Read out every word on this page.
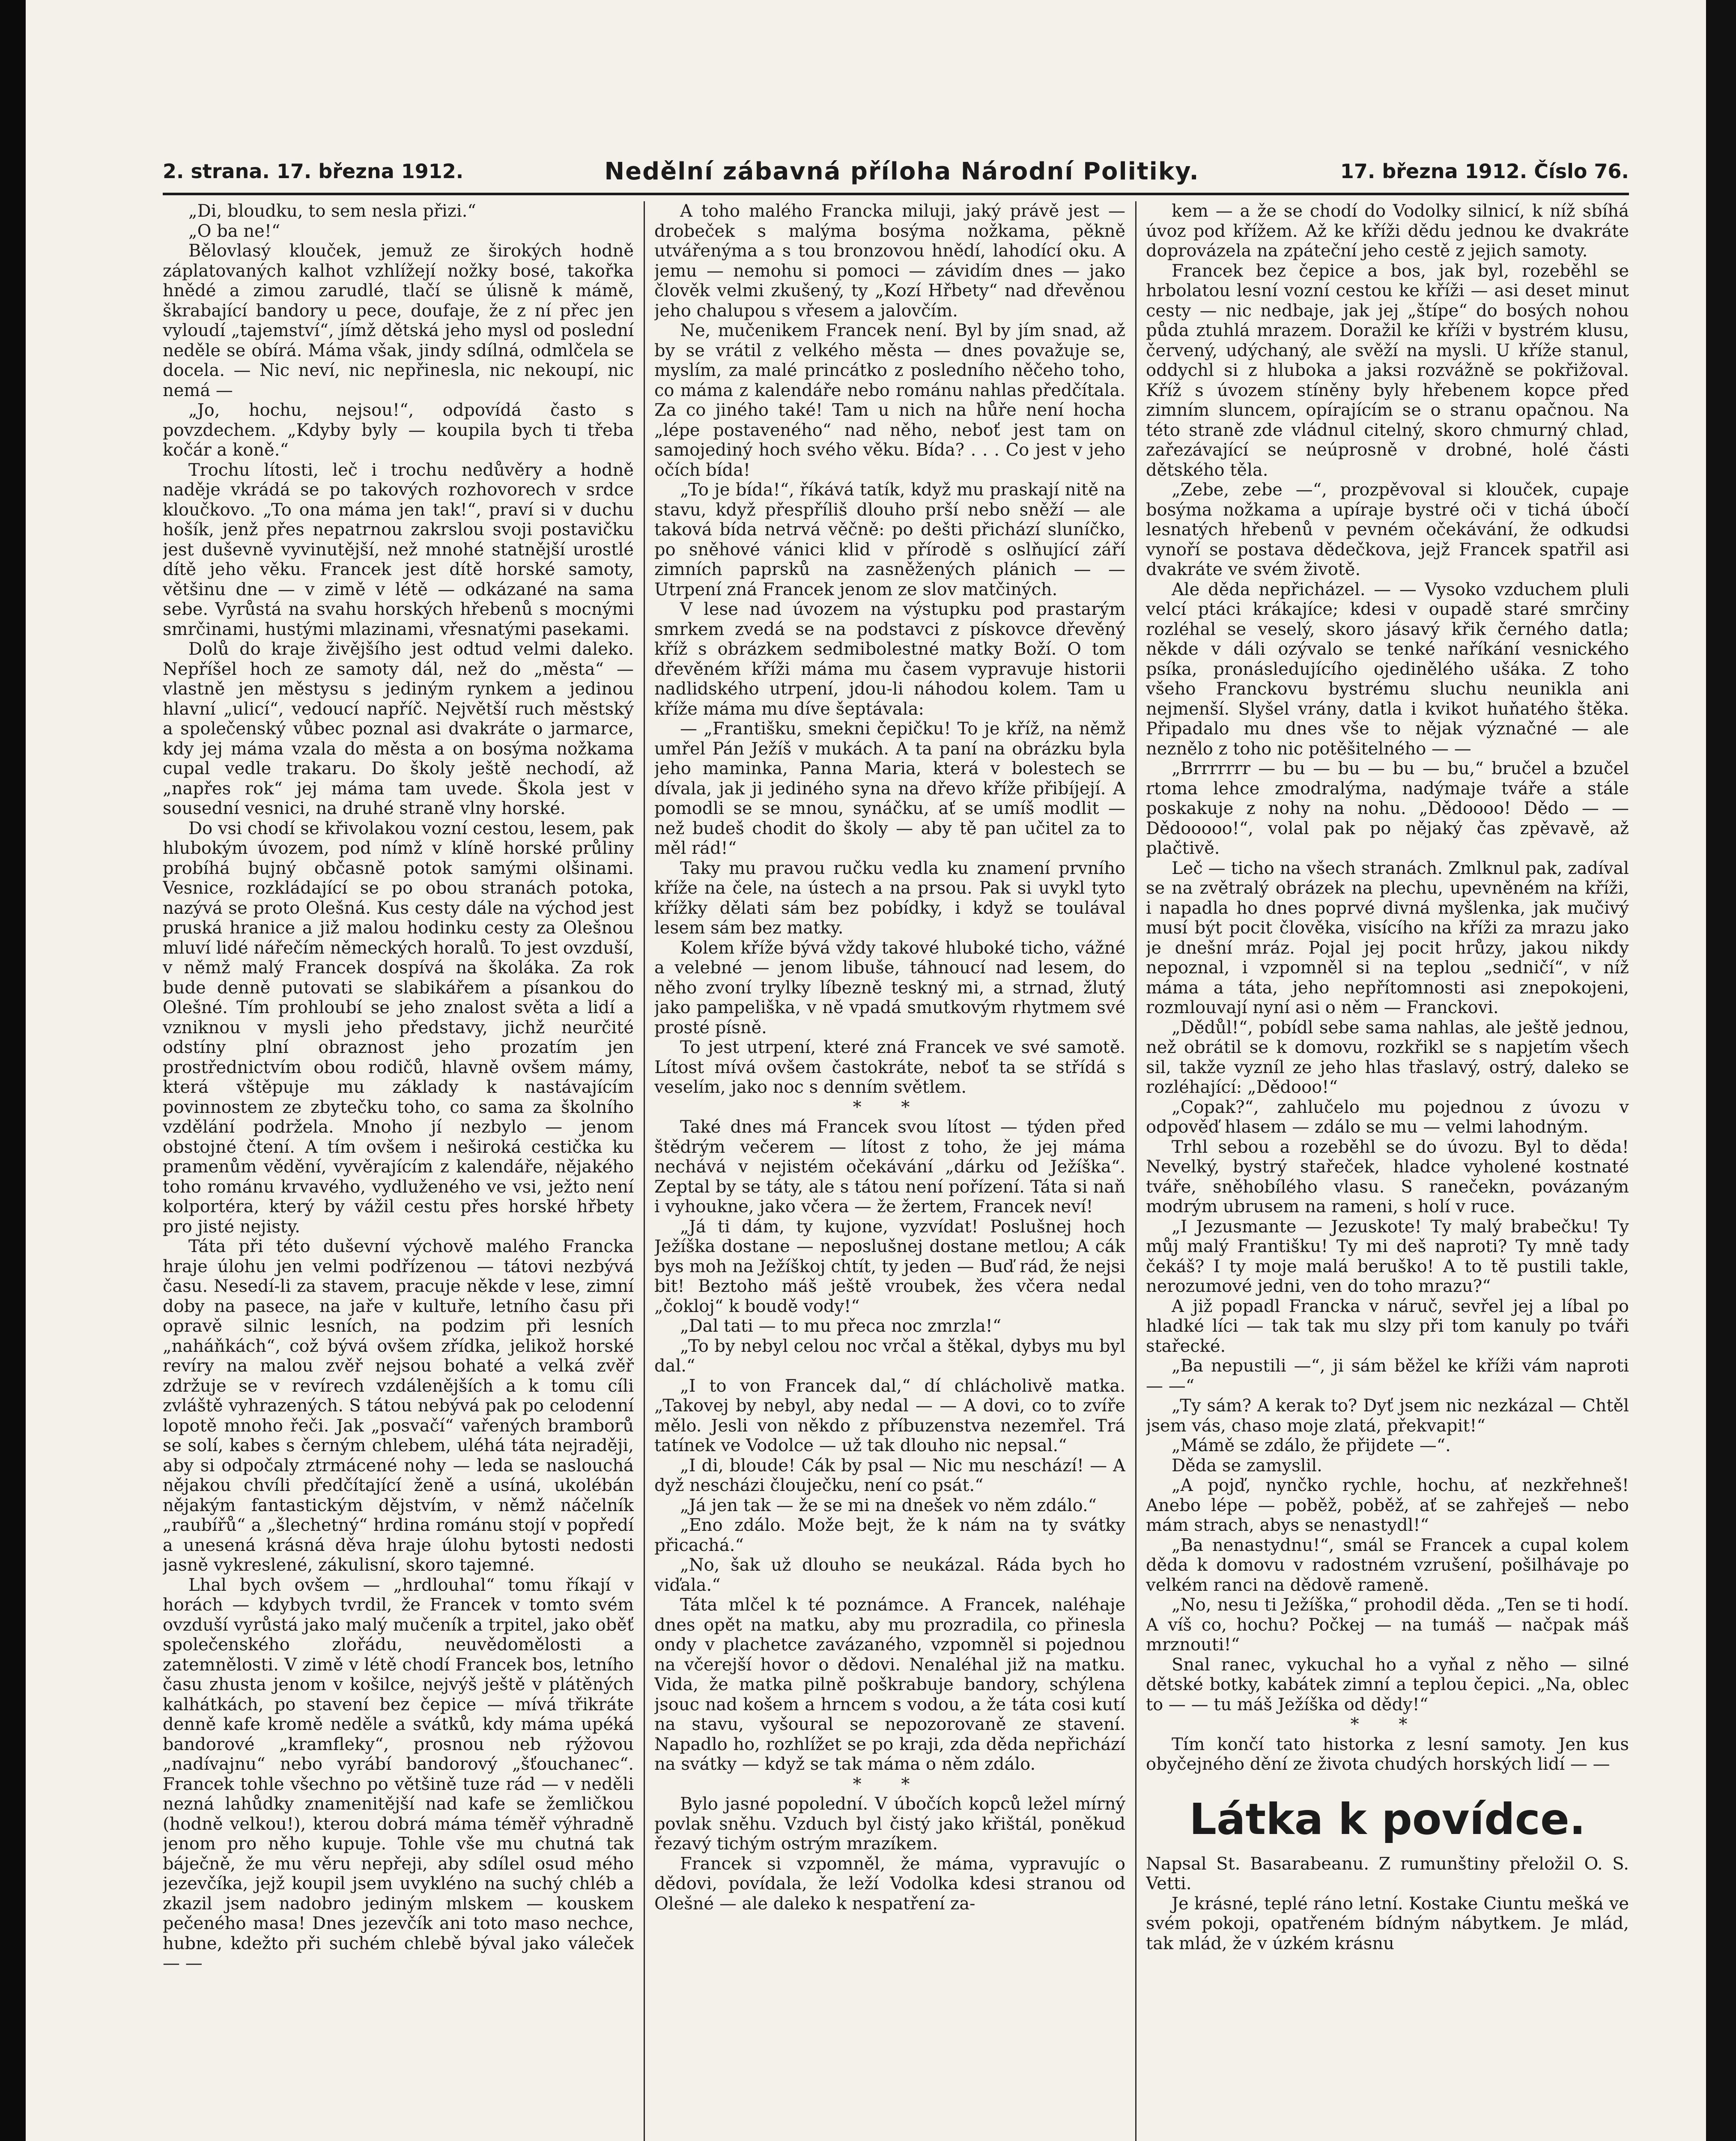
2. strana. 17. března 1912.	Nedělní zábavná příloha Národní Politiky.	17. března 1912. Číslo 76.

„Di, bloudku, to sem nesla přizi.“

„O ba ne!“

Bělovlasý klouček, jemuž ze širokých hodně záplatovaných kalhot vzhlížejí nožky bosé, takořka hnědé a zimou zarudlé, tlačí se úlisně k mámě, škrabající bandory u pece, doufaje, že z ní přec jen vyloudí „tajemství“, jímž dětská jeho mysl od poslední neděle se obírá. Máma však, jindy sdílná, odmlčela se docela. — Nic neví, nic nepřinesla, nic nekoupí, nic nemá —

„Jo, hochu, nejsou!“, odpovídá často s povzdechem. „Kdyby byly — koupila bych ti třeba kočár a koně.“

Trochu lítosti, leč i trochu nedůvěry a hodně naděje vkrádá se po takových rozhovorech v srdce kloučkovo. „To ona máma jen tak!“, praví si v duchu hošík, jenž přes nepatrnou zakrslou svoji postavičku jest duševně vyvinutější, než mnohé statnější urostlé dítě jeho věku. Francek jest dítě horské samoty, většinu dne — v zimě v létě — odkázané na sama sebe. Vyrůstá na svahu horských hřebenů s mocnými smrčinami, hustými mlazinami, vřesnatými pasekami.

Dolů do kraje živějšího jest odtud velmi daleko. Nepříšel hoch ze samoty dál, než do „města“ — vlastně jen městysu s jediným rynkem a jedinou hlavní „ulicí“, vedoucí napříč. Největší ruch městský a společenský vůbec poznal asi dvakráte o jarmarce, kdy jej máma vzala do města a on bosýma nožkama cupal vedle trakaru. Do školy ještě nechodí, až „napřes rok“ jej máma tam uvede. Škola jest v sousední vesnici, na druhé straně vlny horské.

Do vsi chodí se křivolakou vozní cestou, lesem, pak hlubokým úvozem, pod nímž v klíně horské průliny probíhá bujný občasně potok samými olšinami. Vesnice, rozkládající se po obou stranách potoka, nazývá se proto Olešná. Kus cesty dále na východ jest pruská hranice a již malou hodinku cesty za Olešnou mluví lidé nářečím německých horalů. To jest ovzduší, v němž malý Francek dospívá na školáka. Za rok bude denně putovati se slabikářem a písankou do Olešné. Tím prohloubí se jeho znalost světa a lidí a vzniknou v mysli jeho představy, jichž neurčité odstíny plní obraznost jeho prozatím jen prostřednictvím obou rodičů, hlavně ovšem mámy, která vštěpuje mu základy k nastávajícím povinnostem ze zbytečku toho, co sama za školního vzdělání podržela. Mnoho jí nezbylo — jenom obstojné čtení. A tím ovšem i neširoká cestička ku pramenům vědění, vyvěrajícím z kalendáře, nějakého toho románu krvavého, vydluženého ve vsi, ježto není kolportéra, který by vážil cestu přes horské hřbety pro jisté nejisty.

Táta při této duševní výchově malého Francka hraje úlohu jen velmi podřízenou — tátovi nezbývá času. Nesedí-li za stavem, pracuje někde v lese, zimní doby na pasece, na jaře v kultuře, letního času při opravě silnic lesních, na podzim při lesních „naháňkách“, což bývá ovšem zřídka, jelikož horské revíry na malou zvěř nejsou bohaté a velká zvěř zdržuje se v revírech vzdálenějších a k tomu cíli zvláště vyhrazených. S tátou nebývá pak po celodenní lopotě mnoho řeči. Jak „posvačí“ vařených bramborů se solí, kabes s černým chlebem, uléhá táta nejraději, aby si odpočaly ztrmácené nohy — leda se naslouchá nějakou chvíli předčítající ženě a usíná, ukolébán nějakým fantastickým dějstvím, v němž náčelník „raubířů“ a „šlechetný“ hrdina románu stojí v popředí a unesená krásná děva hraje úlohu bytosti nedosti jasně vykreslené, zákulisní, skoro tajemné.

Lhal bych ovšem — „hrdlouhal“ tomu říkají v horách — kdybych tvrdil, že Francek v tomto svém ovzduší vyrůstá jako malý mučeník a trpitel, jako oběť společenského zlořádu, neuvědomělosti a zatemnělosti. V zimě v létě chodí Francek bos, letního času zhusta jenom v košilce, nejvýš ještě v plátěných kalhátkách, po stavení bez čepice — mívá třikráte denně kafe kromě neděle a svátků, kdy máma upéká bandorové „kramfleky“, prosnou neb rýžovou „nadívajnu“ nebo vyrábí bandorový „šťouchanec“. Francek tohle všechno po většině tuze rád — v neděli nezná lahůdky znamenitější nad kafe se žemličkou (hodně velkou!), kterou dobrá máma téměř výhradně jenom pro něho kupuje. Tohle vše mu chutná tak báječně, že mu věru nepřeji, aby sdílel osud mého jezevčíka, jejž koupil jsem uvykléno na suchý chléb a zkazil jsem nadobro jediným mlskem — kouskem pečeného masa! Dnes jezevčík ani toto maso nechce, hubne, kdežto při suchém chlebě býval jako váleček — —

A toho malého Francka miluji, jaký právě jest — drobeček s malýma bosýma nožkama, pěkně utvářenýma a s tou bronzovou hnědí, lahodící oku. A jemu — nemohu si pomoci — závidím dnes — jako člověk velmi zkušený, ty „Kozí Hřbety“ nad dřevěnou jeho chalupou s vřesem a jalovčím.

Ne, mučenikem Francek není. Byl by jím snad, až by se vrátil z velkého města — dnes považuje se, myslím, za malé princátko z posledního něčeho toho, co máma z kalendáře nebo románu nahlas předčítala. Za co jiného také! Tam u nich na hůře není hocha „lépe postaveného“ nad něho, neboť jest tam on samojediný hoch svého věku. Bída? . . . Co jest v jeho očích bída!

„To je bída!“, říkává tatík, když mu praskají nitě na stavu, když přespříliš dlouho prší nebo sněží — ale taková bída netrvá věčně: po dešti přichází sluníčko, po sněhové vánici klid v přírodě s oslňující září zimních paprsků na zasněžených plánich — — Utrpení zná Francek jenom ze slov matčiných.

V lese nad úvozem na výstupku pod prastarým smrkem zvedá se na podstavci z pískovce dřevěný kříž s obrázkem sedmibolestné matky Boží. O tom dřevěném kříži máma mu časem vypravuje historii nadlidského utrpení, jdou-li náhodou kolem. Tam u kříže máma mu díve šeptávala:

— „Františku, smekni čepičku! To je kříž, na němž umřel Pán Ježíš v mukách. A ta paní na obrázku byla jeho maminka, Panna Maria, která v bolestech se dívala, jak ji jediného syna na dřevo kříže přibíjejí. A pomodli se se mnou, synáčku, ať se umíš modlit — než budeš chodit do školy — aby tě pan učitel za to měl rád!“

Taky mu pravou ručku vedla ku znamení prvního kříže na čele, na ústech a na prsou. Pak si uvykl tyto křížky dělati sám bez pobídky, i když se toulával lesem sám bez matky.

Kolem kříže bývá vždy takové hluboké ticho, vážné a velebné — jenom libuše, táhnoucí nad lesem, do něho zvoní trylky líbezně teskný mi, a strnad, žlutý jako pampeliška, v ně vpadá smutkovým rhytmem své prosté písně.

To jest utrpení, které zná Francek ve své samotě. Lítost mívá ovšem častokráte, neboť ta se střídá s veselím, jako noc s denním světlem.

* *

Také dnes má Francek svou lítost — týden před štědrým večerem — lítost z toho, že jej máma nechává v nejistém očekávání „dárku od Ježíška“. Zeptal by se táty, ale s tátou není pořízení. Táta si naň i vyhouknе, jako včera — že žertem, Francek neví!

„Já ti dám, ty kujone, vyzvídat! Poslušnej hoch Ježíška dostane — neposlušnej dostane metlou; A cák bys moh na Ježíškoj chtít, ty jeden — Buď rád, že nejsi bit! Beztoho máš ještě vroubek, žes včera nedal „čokloj“ k boudě vody!“

„Dal tati — to mu přeca noc zmrzla!“

„To by nebyl celou noc vrčal a štěkal, dybys mu byl dal.“

„I to von Francek dal,“ dí chlácholivě matka. „Takovej by nebyl, aby nedal — — A dovi, co to zvíře mělo. Jesli von někdo z příbuzenstva nezemřel. Trá tatínek ve Vodolce — už tak dlouho nic nepsal.“

„I di, bloude! Cák by psal — Nic mu neschází! — A dyž nescházi člouječku, není co psát.“

„Já jen tak — že se mi na dnešek vo něm zdálo.“

„Eno zdálo. Može bejt, že k nám na ty svátky přicachá.“

„No, šak už dlouho se neukázal. Ráda bych ho viďala.“

Táta mlčel k té poznámce. A Francek, naléhaje dnes opět na matku, aby mu prozradila, co přinesla ondy v plachetce zavázaného, vzpomněl si pojednou na včerejší hovor o dědovi. Nenaléhal již na matku. Vida, že matka pilně poškrabuje bandory, schýlena jsouc nad košem a hrncem s vodou, a že táta cosi kutí na stavu, vyšoural se nepozorovaně ze stavení. Napadlo ho, rozhlížet se po kraji, zda děda nepřichází na svátky — když se tak máma o něm zdálo.

* *

Bylo jasné popolední. V úbočích kopců ležel mírný povlak sněhu. Vzduch byl čistý jako křištál, poněkud řezavý tichým ostrým mrazíkem.

Francek si vzpomněl, že máma, vypravujíc o dědovi, povídala, že leží Vodolka kdesi stranou od Olešné — ale daleko k nespatření za-

kem — a že se chodí do Vodolky silnicí, k níž sbíhá úvoz pod křížem. Až ke kříži dědu jednou ke dvakráte doprovázela na zpáteční jeho cestě z jejich samoty.

Francek bez čepice a bos, jak byl, rozeběhl se hrbolatou lesní vozní cestou ke kříži — asi deset minut cesty — nic nedbaje, jak jej „štípe“ do bosých nohou půda ztuhlá mrazem. Doražil ke kříži v bystrém klusu, červený, udýchaný, ale svěží na mysli. U kříže stanul, oddychl si z hluboka a jaksi rozvážně se pokřižoval. Kříž s úvozem stíněny byly hřebenem kopce před zimním sluncem, opírajícím se o stranu opačnou. Na této straně zde vládnul citelný, skoro chmurný chlad, zařezávající se neúprosně v drobné, holé části dětského těla.

„Zebe, zebe —“, prozpěvoval si klouček, cupaje bosýma nožkama a upíraje bystré oči v tichá úbočí lesnatých hřebenů v pevném očekávání, že odkudsi vynoří se postava dědečkova, jejž Francek spatřil asi dvakráte ve svém životě.

Ale děda nepřicházel. — — Vysoko vzduchem pluli velcí ptáci krákajíce; kdesi v oupadě staré smrčiny rozléhal se veselý, skoro jásavý křik černého datla; někde v dáli ozývalo se tenké naříkání vesnického psíka, pronásledujícího ojedinělého ušáka. Z toho všeho Franckovu bystrému sluchu neunikla ani nejmenší. Slyšel vrány, datla i kvikot huňatého štěka. Připadalo mu dnes vše to nějak význačné — ale neznělo z toho nic potěšitelného — —

„Brrrrrrr — bu — bu — bu — bu,“ bručel a bzučel rtoma lehce zmodralýma, nadýmaje tváře a stále poskakuje z nohy na nohu. „Dědoooo! Dědo — — Dědooooo!“, volal pak po nějaký čas zpěvavě, až plačtivě.

Leč — ticho na všech stranách. Zmlknul pak, zadíval se na zvětralý obrázek na plechu, upevněném na kříži, i napadla ho dnes poprvé divná myšlenka, jak mučivý musí být pocit člověka, visícího na kříži za mrazu jako je dnešní mráz. Pojal jej pocit hrůzy, jakou nikdy nepoznal, i vzpomněl si na teplou „sedničí“, v níž máma a táta, jeho nepřítomnosti asi znepokojeni, rozmlouvají nyní asi o něm — Franckovi.

„Dědůl!“, pobídl sebe sama nahlas, ale ještě jednou, než obrátil se k domovu, rozkřikl se s napjetím všech sil, takže vyzníl ze jeho hlas třaslavý, ostrý, daleko se rozléhající: „Dědooo!“

„Copak?“, zahlučelo mu pojednou z úvozu v odpověď hlasem — zdálo se mu — velmi lahodným.

Trhl sebou a rozeběhl se do úvozu. Byl to děda! Nevelký, bystrý stařeček, hladce vyholené kostnaté tváře, sněhobílého vlasu. S ranečekn, povázaným modrým ubrusem na rameni, s holí v ruce.

„I Jezusmante — Jezuskote! Ty malý brabečku! Ty můj malý Františku! Ty mi deš naproti? Ty mně tady čekáš? I ty moje malá beruško! A to tě pustili takle, nerozumové jedni, ven do toho mrazu?“

A již popadl Francka v náruč, sevřel jej a líbal po hladké líci — tak tak mu slzy při tom kanuly po tváři stařecké.

„Ba nepustili —“, ji sám běžel ke kříži vám naproti — —“

„Ty sám? A kerak to? Dyť jsem nic nezkázal — Chtěl jsem vás, chaso moje zlatá, překvapit!“

„Mámě se zdálo, že přijdete —“.

Děda se zamyslil.

„A pojď, nynčko rychle, hochu, ať nezkřehneš! Anebo lépe — poběž, poběž, ať se zahřeješ — nebo mám strach, abys se nenastydl!“

„Ba nenastydnu!“, smál se Francek a cupal kolem děda k domovu v radostném vzrušení, pošilhávaje po velkém ranci na dědově rameně.

„No, nesu ti Ježíška,“ prohodil děda. „Ten se ti hodí. A víš co, hochu? Počkej — na tumáš — načpak máš mrznouti!“

Snal ranec, vykuchal ho a vyňal z něho — silné dětské botky, kabátek zimní a teplou čepici. „Na, oblec to — — tu máš Ježíška od dědy!“

* *

Tím končí tato historka z lesní samoty. Jen kus obyčejného dění ze života chudých horských lidí — —

Látka k povídce.

Napsal St. Basarabeanu. Z rumunštiny přeložil O. S. Vetti.

Je krásné, teplé ráno letní. Kostake Ciuntu mešká ve svém pokoji, opatřeném bídným nábytkem. Je mlád, tak mlád, že v úzkém krásnu
